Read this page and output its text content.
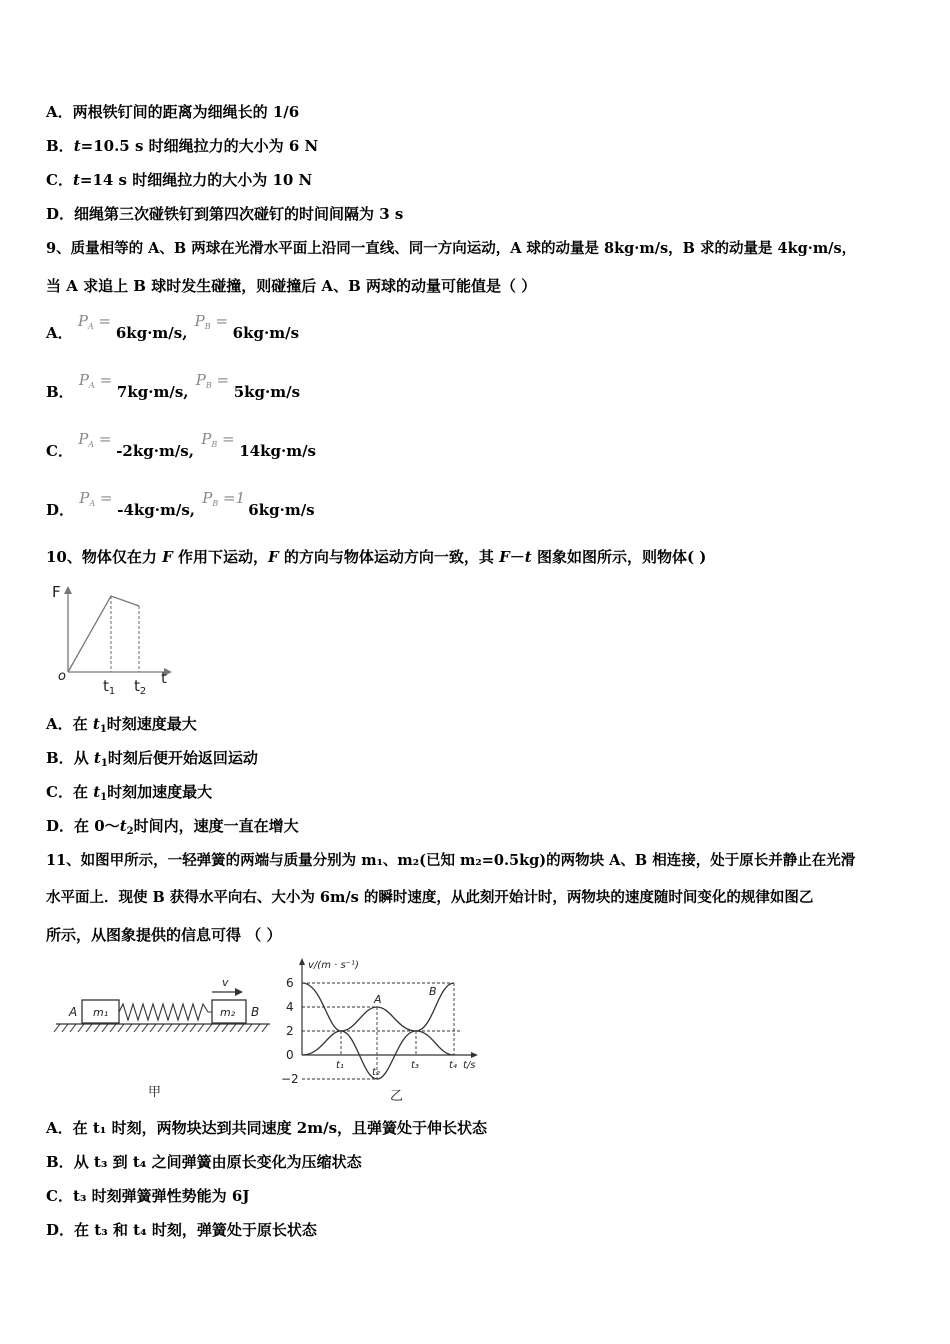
A．两根铁钉间的距离为细绳长的 1/6
B．t=10.5 s 时细绳拉力的大小为 6 N
C．t=14 s 时细绳拉力的大小为 10 N
D．细绳第三次碰铁钉到第四次碰钉的时间间隔为 3 s
9、质量相等的 A、B 两球在光滑水平面上沿同一直线、同一方向运动，A 球的动量是 8kg·m/s，B 求的动量是 4kg·m/s，
当 A 求追上 B 球时发生碰撞，则碰撞后 A、B 两球的动量可能值是（ ）
A．
$P_A$ =
6kg·m/s,
$P_B$ =
6kg·m/s
B．
$P_A$ =
7kg·m/s,
$P_B$ =
5kg·m/s
C．
$P_A$ =
-2kg·m/s,
$P_B$ =
14kg·m/s
D．
$P_A$ =
-4kg·m/s,
$P_B =1$
6kg·m/s
10、物体仅在力 F 作用下运动，F 的方向与物体运动方向一致，其 F－t 图象如图所示，则物体( )
F
o
$t_1$ $t_2$
t
A．在 $t_1$时刻速度最大
B．从 $t_1$时刻后便开始返回运动
C．在 $t_1$时刻加速度最大
D．在 $0\sim t_2$时间内，速度一直在增大
11、如图甲所示，一轻弹簧的两端与质量分别为 m₁、m₂(已知 m₂=0.5kg)的两物块 A、B 相连接，处于原长并静止在光滑
水平面上．现使 B 获得水平向右、大小为 6m/s 的瞬时速度，从此刻开始计时，两物块的速度随时间变化的规律如图乙
所示，从图象提供的信息可得 （ ）
A m₁	m₂
v
B
甲
v/(m · s⁻¹)
6
4
2
0
−2
t₁
t₂
t₃	t₄ t/s
A
B
乙
A．在 t₁ 时刻，两物块达到共同速度 2m/s，且弹簧处于伸长状态
B．从 t₃ 到 t₄ 之间弹簧由原长变化为压缩状态
C．t₃ 时刻弹簧弹性势能为 6J
D．在 t₃ 和 t₄ 时刻，弹簧处于原长状态
